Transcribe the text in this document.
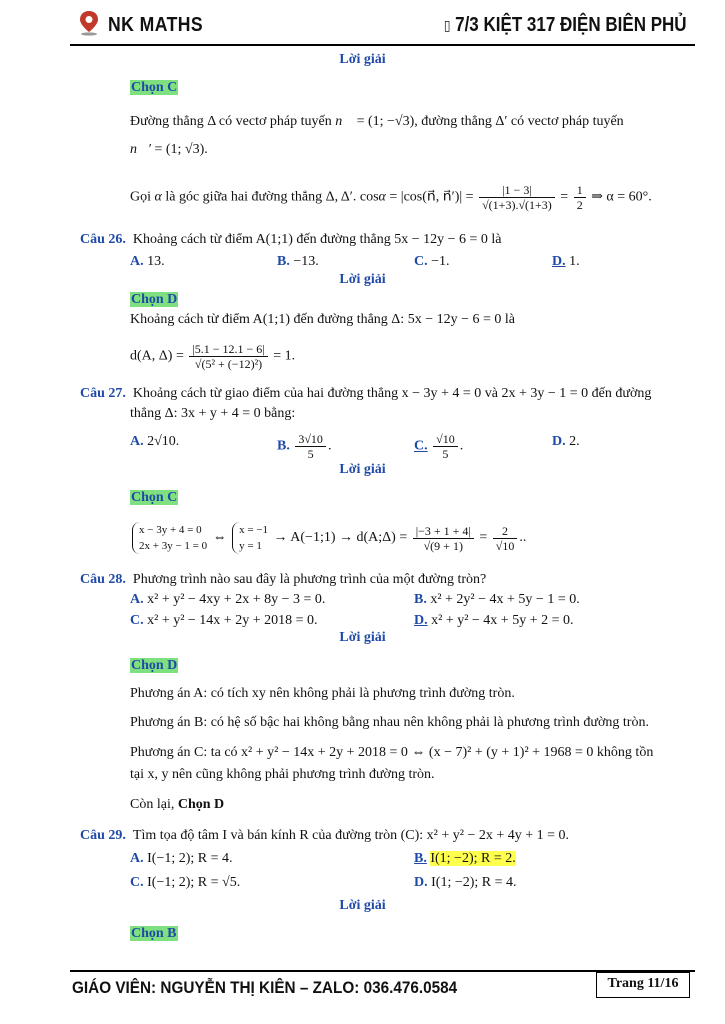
NK MATHS	▯ 7/3 KIỆT 317 ĐIỆN BIÊN PHỦ
Lời giải
Chọn C
Đường thẳng Δ có vectơ pháp tuyến n⃗ = (1; −√3), đường thẳng Δ′ có vectơ pháp tuyến
n⃗′ = (1; √3).
Gọi α là góc giữa hai đường thẳng Δ, Δ′. cosα = |cos(n⃗, n⃗′)| = $\frac{|1 - 3|}{√(1+3).√(1+3)} = \frac{1}{2}$ ⇒ α = 60°.
Câu 26. Khoảng cách từ điểm A(1;1) đến đường thẳng 5x − 12y − 6 = 0 là
A. 13.	B. −13.	C. −1.	D. 1.
Lời giải
Chọn D
Khoảng cách từ điểm A(1;1) đến đường thẳng Δ: 5x − 12y − 6 = 0 là
d(A, $\Delta) = \frac{|5.1 - 12.1 - 6|}{\text{√(5² + (−12)²)}} = 1$.
Câu 27. Khoảng cách từ giao điểm của hai đường thẳng x − 3y + 4 = 0 và 2x + 3y − 1 = 0 đến đường
thẳng Δ: 3x + y + 4 = 0 bằng:
A. 2√10.	B. $\frac{3√10}{5}$ .	C. $\frac{√10}{5}$ .	D. 2.
Lời giải
Chọn C
x − 3y + 4 = 0
2x + 3y − 1 = 0
⇔
x = −1
y = 1
→ A(−1;1) → d(A;Δ) = $\frac{|-3 + 1 + 4|}{√(9 + 1)} = \frac{2}{√10}$ ..
Câu 28. Phương trình nào sau đây là phương trình của một đường tròn?
A. x² + y² − 4xy + 2x + 8y − 3 = 0.	B. x² + 2y² − 4x + 5y − 1 = 0.
C. x² + y² − 14x + 2y + 2018 = 0.	D. x² + y² − 4x + 5y + 2 = 0.
Lời giải
Chọn D
Phương án A: có tích xy nên không phải là phương trình đường tròn.
Phương án B: có hệ số bậc hai không bằng nhau nên không phải là phương trình đường tròn.
Phương án C: ta có x² + y² − 14x + 2y + 2018 = 0 ⇔ (x − 7)² + (y + 1)² + 1968 = 0 không tồn
tại x, y nên cũng không phải phương trình đường tròn.
Còn lại, Chọn D
Câu 29. Tìm tọa độ tâm I và bán kính R của đường tròn (C): x² + y² − 2x + 4y + 1 = 0.
A. I(−1; 2); R = 4.	B. I(1; −2); R = 2.
C. I(−1; 2); R = √5.	D. I(1; −2); R = 4.
Lời giải
Chọn B
GIÁO VIÊN: NGUYỄN THỊ KIÊN – ZALO: 036.476.0584	Trang 11/16
